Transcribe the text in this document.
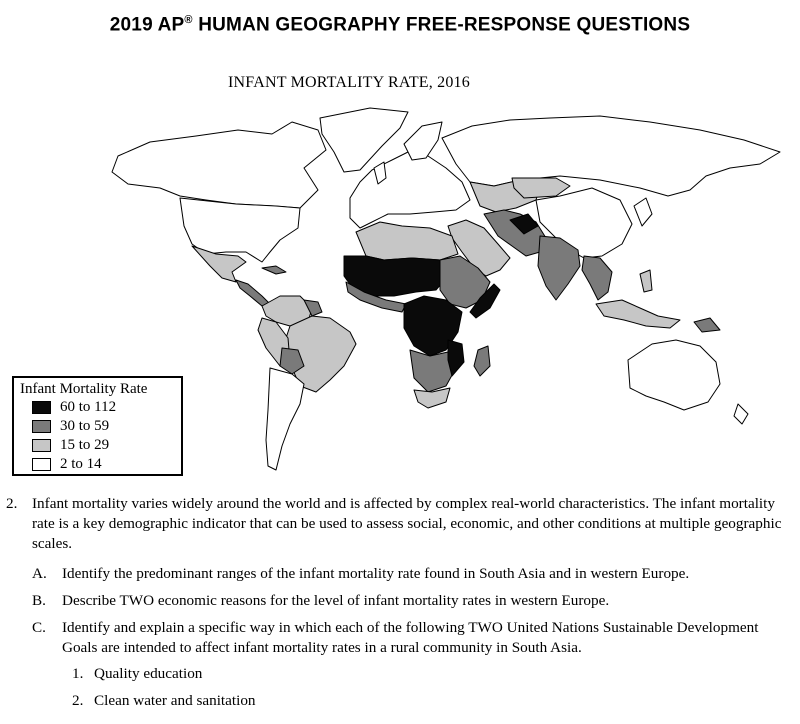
2019 AP® HUMAN GEOGRAPHY FREE-RESPONSE QUESTIONS
INFANT MORTALITY RATE, 2016
Infant Mortality Rate
60 to 112
30 to 59
15 to 29
2 to 14
2. Infant mortality varies widely around the world and is affected by complex real-world characteristics. The infant mortality rate is a key demographic indicator that can be used to assess social, economic, and other conditions at multiple geographic scales.
A. Identify the predominant ranges of the infant mortality rate found in South Asia and in western Europe.
B. Describe TWO economic reasons for the level of infant mortality rates in western Europe.
C. Identify and explain a specific way in which each of the following TWO United Nations Sustainable Development Goals are intended to affect infant mortality rates in a rural community in South Asia.
1. Quality education
2. Clean water and sanitation
